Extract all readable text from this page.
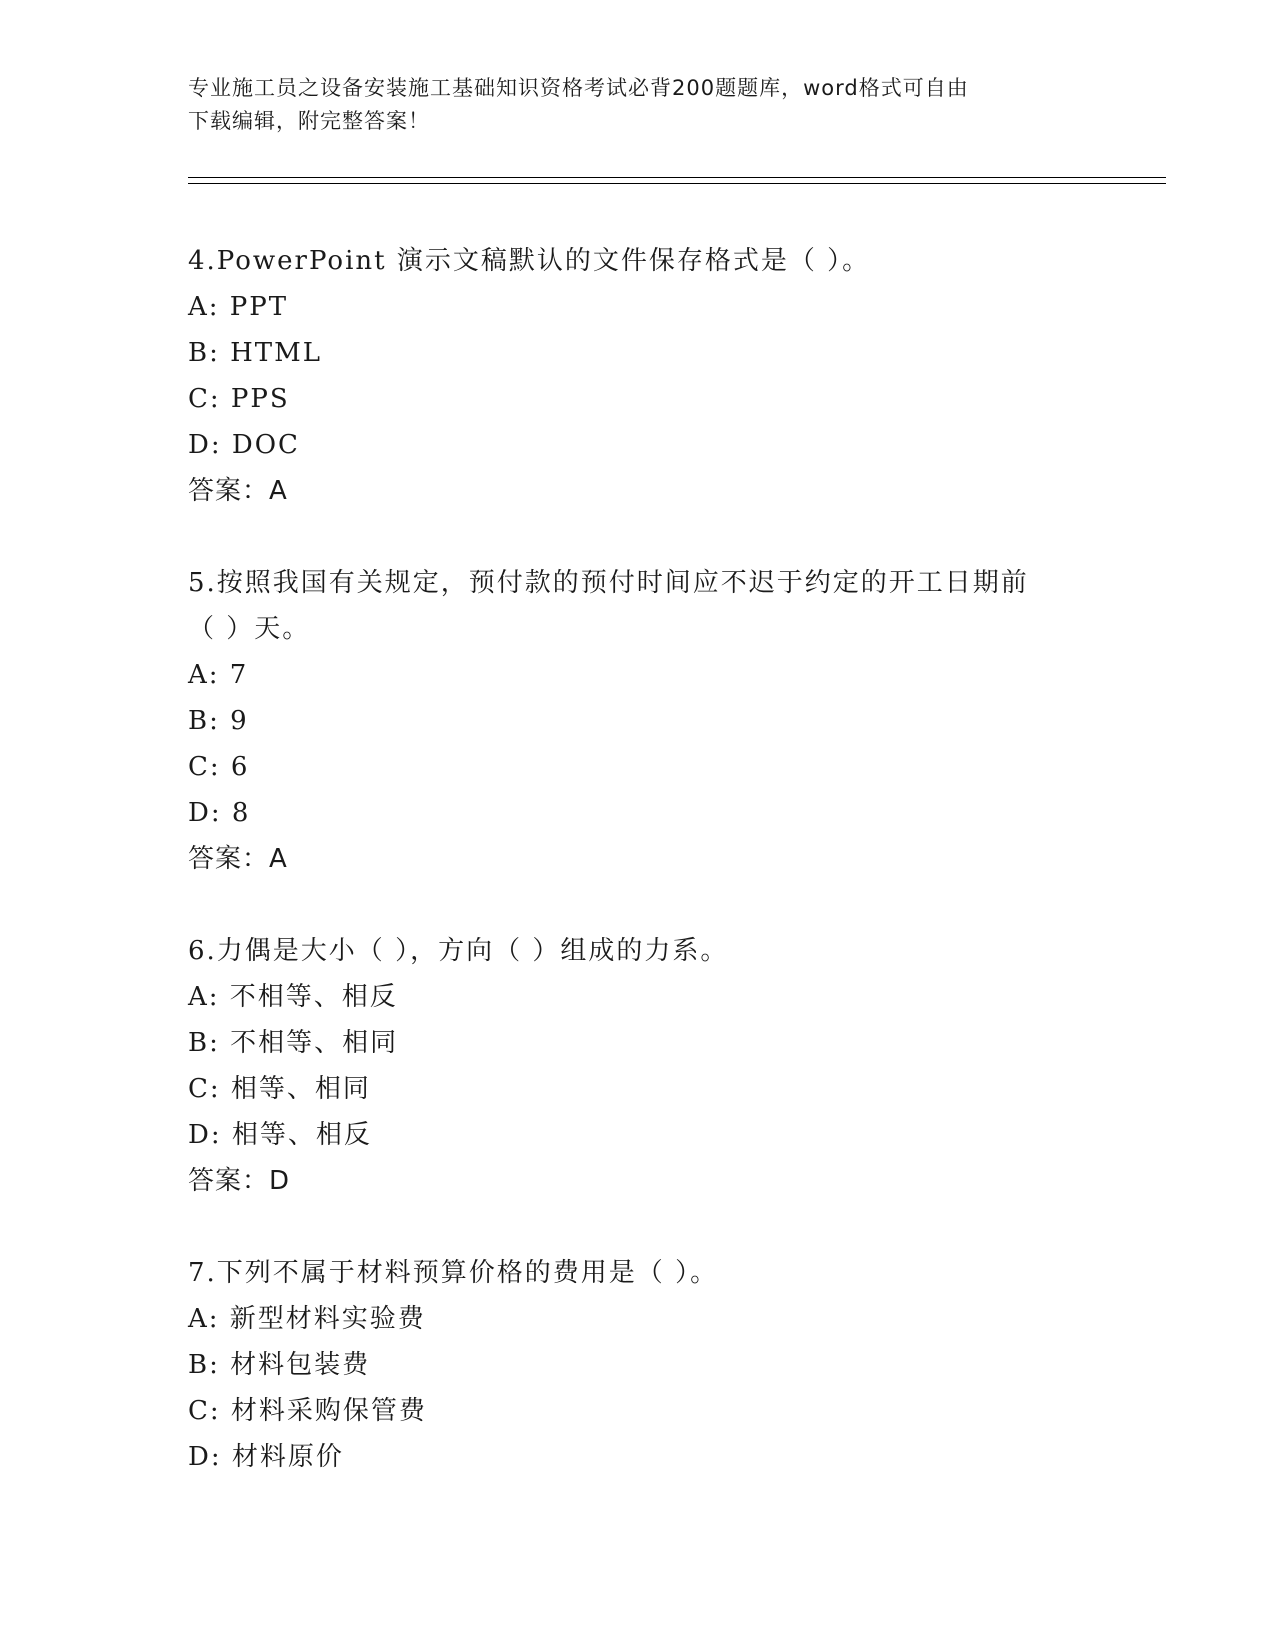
专业施工员之设备安装施工基础知识资格考试必背200题题库，word格式可自由
下载编辑，附完整答案！
4.PowerPoint 演示文稿默认的文件保存格式是（ ）。
A: PPT
B: HTML
C: PPS
D: DOC
答案：A
5.按照我国有关规定，预付款的预付时间应不迟于约定的开工日期前
（ ）天。
A: 7
B: 9
C: 6
D: 8
答案：A
6.力偶是大小（ ），方向（ ）组成的力系。
A: 不相等、相反
B: 不相等、相同
C: 相等、相同
D: 相等、相反
答案：D
7.下列不属于材料预算价格的费用是（ ）。
A: 新型材料实验费
B: 材料包装费
C: 材料采购保管费
D: 材料原价
